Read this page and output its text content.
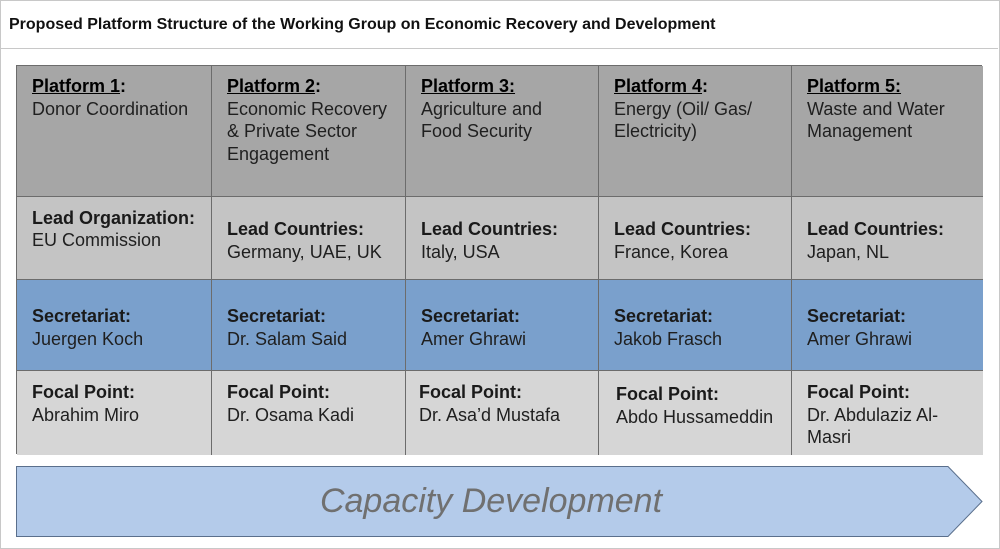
Proposed Platform Structure of the Working Group on Economic Recovery and Development
Platform 1:
Donor Coordination
Platform 2:
Economic Recovery & Private Sector Engagement
Platform 3:
Agriculture and Food Security
Platform 4:
Energy (Oil/ Gas/ Electricity)
Platform 5:
Waste and Water Management
Lead Organization: EU Commission
Lead Countries:
Germany, UAE, UK
Lead Countries:
Italy, USA
Lead Countries:
France, Korea
Lead Countries:
Japan, NL
Secretariat:
Juergen Koch
Secretariat:
Dr. Salam Said
Secretariat:
Amer Ghrawi
Secretariat:
Jakob Frasch
Secretariat:
Amer Ghrawi
Focal Point:
Abrahim Miro
Focal Point:
Dr. Osama Kadi
Focal Point:
Dr. Asa’d Mustafa
Focal Point:
Abdo Hussameddin
Focal Point:
Dr. Abdulaziz Al-Masri
Capacity Development
